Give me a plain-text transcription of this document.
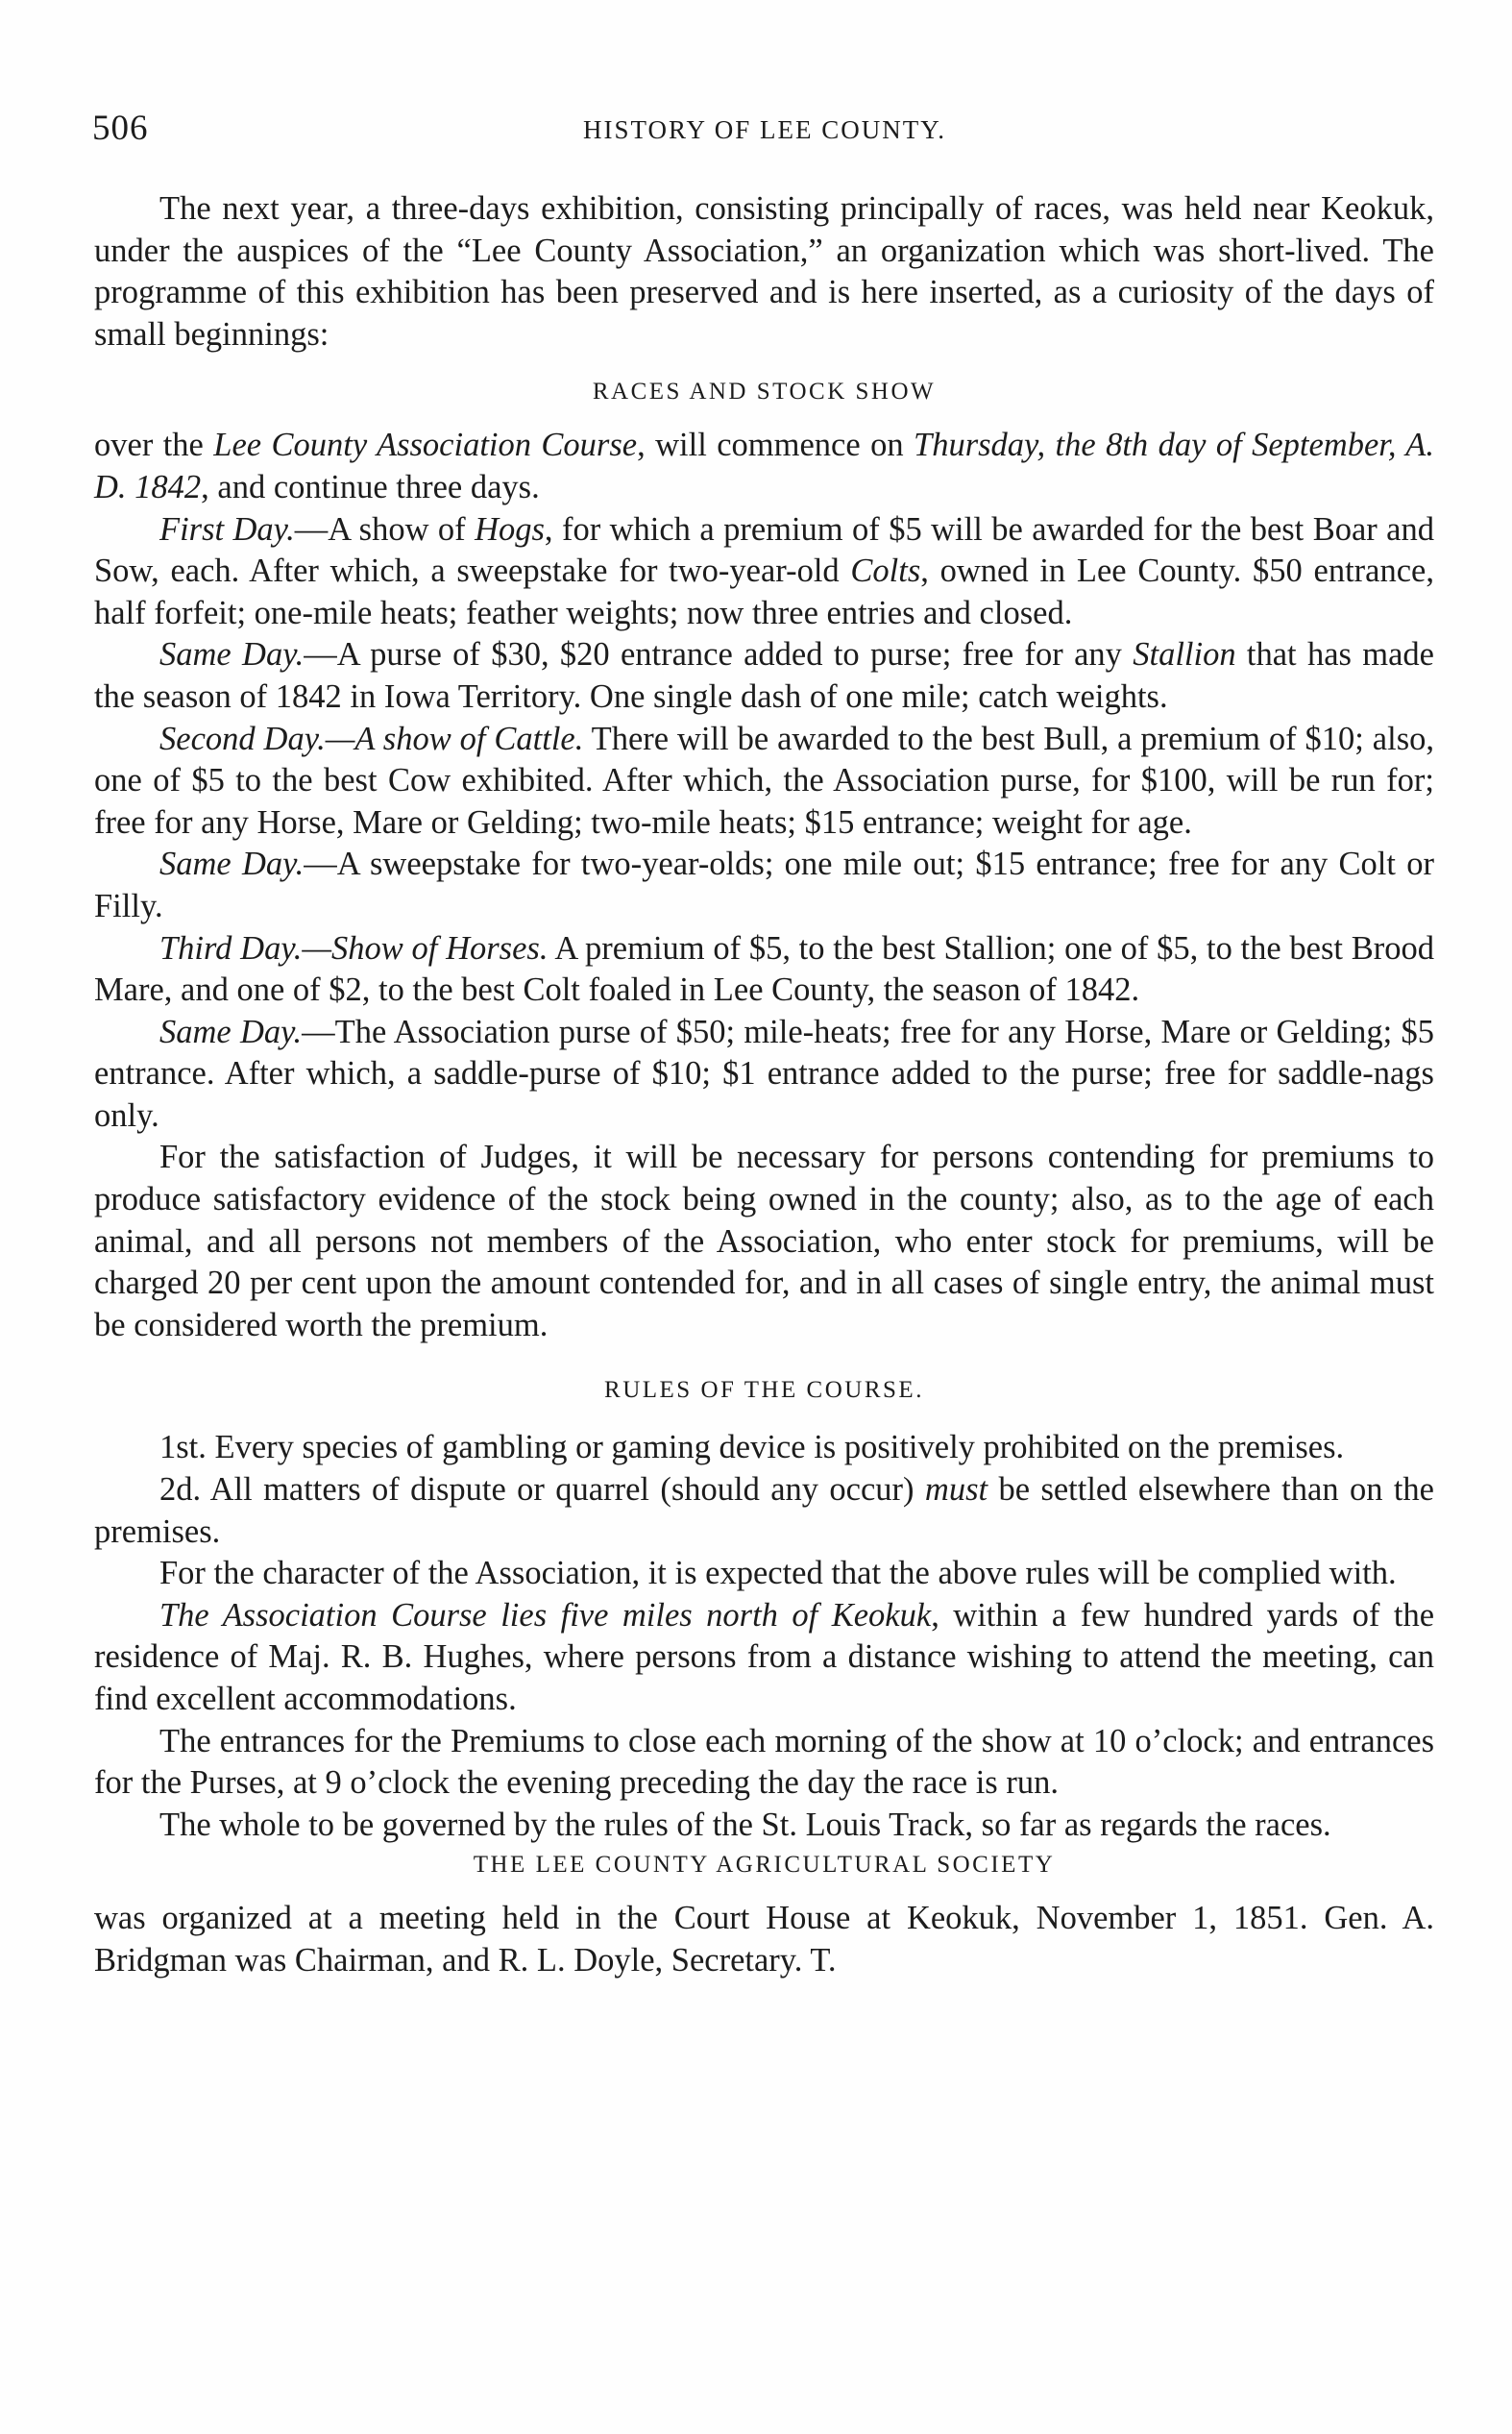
506	HISTORY OF LEE COUNTY.

The next year, a three-days exhibition, consisting principally of races, was held near Keokuk, under the auspices of the “Lee County Association,” an organization which was short-lived. The programme of this exhibition has been preserved and is here inserted, as a curiosity of the days of small beginnings:

RACES AND STOCK SHOW

over the Lee County Association Course, will commence on Thursday, the 8th day of September, A. D. 1842, and continue three days.

First Day.—A show of Hogs, for which a premium of $5 will be awarded for the best Boar and Sow, each. After which, a sweepstake for two-year-old Colts, owned in Lee County. $50 entrance, half forfeit; one-mile heats; feather weights; now three entries and closed.

Same Day.—A purse of $30, $20 entrance added to purse; free for any Stallion that has made the season of 1842 in Iowa Territory. One single dash of one mile; catch weights.

Second Day.—A show of Cattle. There will be awarded to the best Bull, a premium of $10; also, one of $5 to the best Cow exhibited. After which, the Association purse, for $100, will be run for; free for any Horse, Mare or Gelding; two-mile heats; $15 entrance; weight for age.

Same Day.—A sweepstake for two-year-olds; one mile out; $15 entrance; free for any Colt or Filly.

Third Day.—Show of Horses. A premium of $5, to the best Stallion; one of $5, to the best Brood Mare, and one of $2, to the best Colt foaled in Lee County, the season of 1842.

Same Day.—The Association purse of $50; mile-heats; free for any Horse, Mare or Gelding; $5 entrance. After which, a saddle-purse of $10; $1 entrance added to the purse; free for saddle-nags only.

For the satisfaction of Judges, it will be necessary for persons contending for premiums to produce satisfactory evidence of the stock being owned in the county; also, as to the age of each animal, and all persons not members of the Association, who enter stock for premiums, will be charged 20 per cent upon the amount contended for, and in all cases of single entry, the animal must be considered worth the premium.

RULES OF THE COURSE.

1st. Every species of gambling or gaming device is positively prohibited on the premises.

2d. All matters of dispute or quarrel (should any occur) must be settled elsewhere than on the premises.

For the character of the Association, it is expected that the above rules will be complied with.

The Association Course lies five miles north of Keokuk, within a few hundred yards of the residence of Maj. R. B. Hughes, where persons from a distance wishing to attend the meeting, can find excellent accommodations.

The entrances for the Premiums to close each morning of the show at 10 o’clock; and entrances for the Purses, at 9 o’clock the evening preceding the day the race is run.

The whole to be governed by the rules of the St. Louis Track, so far as regards the races.

THE LEE COUNTY AGRICULTURAL SOCIETY

was organized at a meeting held in the Court House at Keokuk, November 1, 1851. Gen. A. Bridgman was Chairman, and R. L. Doyle, Secretary. T.
